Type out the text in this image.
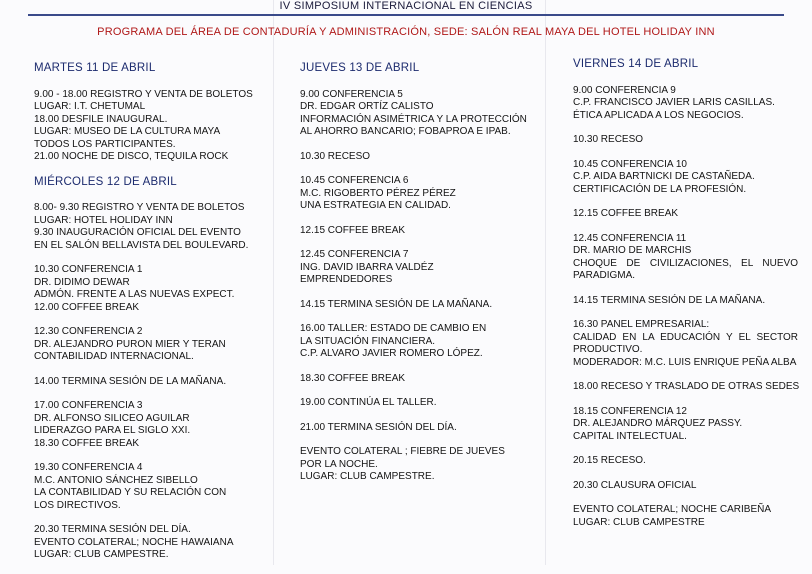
IV SIMPOSIUM INTERNACIONAL EN CIENCIAS
PROGRAMA DEL ÁREA DE CONTADURÍA Y ADMINISTRACIÓN, SEDE: SALÓN REAL MAYA DEL HOTEL HOLIDAY INN
MARTES 11 DE ABRIL
9.00 - 18.00 REGISTRO Y VENTA DE BOLETOS
LUGAR: I.T. CHETUMAL
18.00 DESFILE INAUGURAL.
LUGAR: MUSEO DE LA CULTURA MAYA
TODOS LOS PARTICIPANTES.
21.00 NOCHE DE DISCO, TEQUILA ROCK
MIÉRCOLES 12 DE ABRIL
8.00- 9.30 REGISTRO Y VENTA DE BOLETOS
LUGAR: HOTEL HOLIDAY INN
9.30 INAUGURACIÓN OFICIAL DEL EVENTO
EN EL SALÓN BELLAVISTA DEL BOULEVARD.
10.30 CONFERENCIA 1
DR. DIDIMO DEWAR
ADMÓN. FRENTE A LAS NUEVAS EXPECT.
12.00 COFFEE BREAK
12.30 CONFERENCIA 2
DR. ALEJANDRO PURON MIER Y TERAN
CONTABILIDAD INTERNACIONAL.
14.00 TERMINA SESIÓN DE LA MAÑANA.
17.00 CONFERENCIA 3
DR. ALFONSO SILICEO AGUILAR
LIDERAZGO PARA EL SIGLO XXI.
18.30 COFFEE BREAK
19.30 CONFERENCIA 4
M.C. ANTONIO SÁNCHEZ SIBELLO
LA CONTABILIDAD Y SU RELACIÓN CON
LOS DIRECTIVOS.
20.30 TERMINA SESIÓN DEL DÍA.
EVENTO COLATERAL; NOCHE HAWAIANA
LUGAR: CLUB CAMPESTRE.
JUEVES 13 DE ABRIL
9.00 CONFERENCIA 5
DR. EDGAR ORTÍZ CALISTO
INFORMACIÓN ASIMÉTRICA Y LA PROTECCIÓN
AL AHORRO BANCARIO; FOBAPROA E IPAB.
10.30 RECESO
10.45 CONFERENCIA 6
M.C. RIGOBERTO PÉREZ PÉREZ
UNA ESTRATEGIA EN CALIDAD.
12.15 COFFEE BREAK
12.45 CONFERENCIA 7
ING. DAVID IBARRA VALDÉZ
EMPRENDEDORES
14.15 TERMINA SESIÓN DE LA MAÑANA.
16.00 TALLER: ESTADO DE CAMBIO EN
LA SITUACIÓN FINANCIERA.
C.P. ALVARO JAVIER ROMERO LÓPEZ.
18.30 COFFEE BREAK
19.00 CONTINÚA EL TALLER.
21.00 TERMINA SESIÓN DEL DÍA.
EVENTO COLATERAL ; FIEBRE DE JUEVES
POR LA NOCHE.
LUGAR: CLUB CAMPESTRE.
VIERNES 14 DE ABRIL
9.00 CONFERENCIA 9
C.P. FRANCISCO JAVIER LARIS CASILLAS.
ÉTICA APLICADA A LOS NEGOCIOS.
10.30 RECESO
10.45 CONFERENCIA 10
C.P. AIDA BARTNICKI DE CASTAÑEDA.
CERTIFICACIÓN DE LA PROFESIÓN.
12.15 COFFEE BREAK
12.45 CONFERENCIA 11
DR. MARIO DE MARCHIS
CHOQUE DE CIVILIZACIONES, EL NUEVO PARADIGMA.
14.15 TERMINA SESIÓN DE LA MAÑANA.
16.30 PANEL EMPRESARIAL:
CALIDAD EN LA EDUCACIÓN Y EL SECTOR PRODUCTIVO.
MODERADOR: M.C. LUIS ENRIQUE PEÑA ALBA
18.00 RECESO Y TRASLADO DE OTRAS SEDES
18.15 CONFERENCIA 12
DR. ALEJANDRO MÁRQUEZ PASSY.
CAPITAL INTELECTUAL.
20.15 RECESO.
20.30 CLAUSURA OFICIAL
EVENTO COLATERAL; NOCHE CARIBEÑA
LUGAR: CLUB CAMPESTRE
